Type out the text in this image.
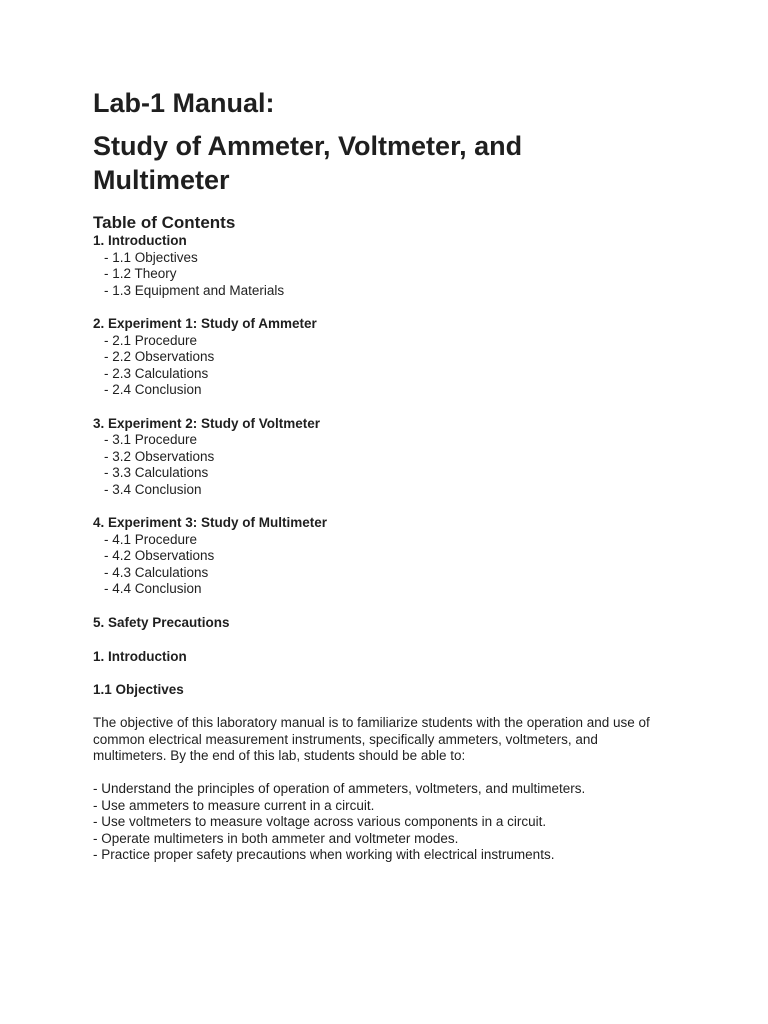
Lab-1 Manual:
Study of Ammeter, Voltmeter, and Multimeter
Table of Contents
1. Introduction
- 1.1 Objectives
- 1.2 Theory
- 1.3 Equipment and Materials
2. Experiment 1: Study of Ammeter
- 2.1 Procedure
- 2.2 Observations
- 2.3 Calculations
- 2.4 Conclusion
3. Experiment 2: Study of Voltmeter
- 3.1 Procedure
- 3.2 Observations
- 3.3 Calculations
- 3.4 Conclusion
4. Experiment 3: Study of Multimeter
- 4.1 Procedure
- 4.2 Observations
- 4.3 Calculations
- 4.4 Conclusion
5. Safety Precautions
1. Introduction
1.1 Objectives

The objective of this laboratory manual is to familiarize students with the operation and use of common electrical measurement instruments, specifically ammeters, voltmeters, and multimeters. By the end of this lab, students should be able to:

- Understand the principles of operation of ammeters, voltmeters, and multimeters.
- Use ammeters to measure current in a circuit.
- Use voltmeters to measure voltage across various components in a circuit.
- Operate multimeters in both ammeter and voltmeter modes.
- Practice proper safety precautions when working with electrical instruments.
